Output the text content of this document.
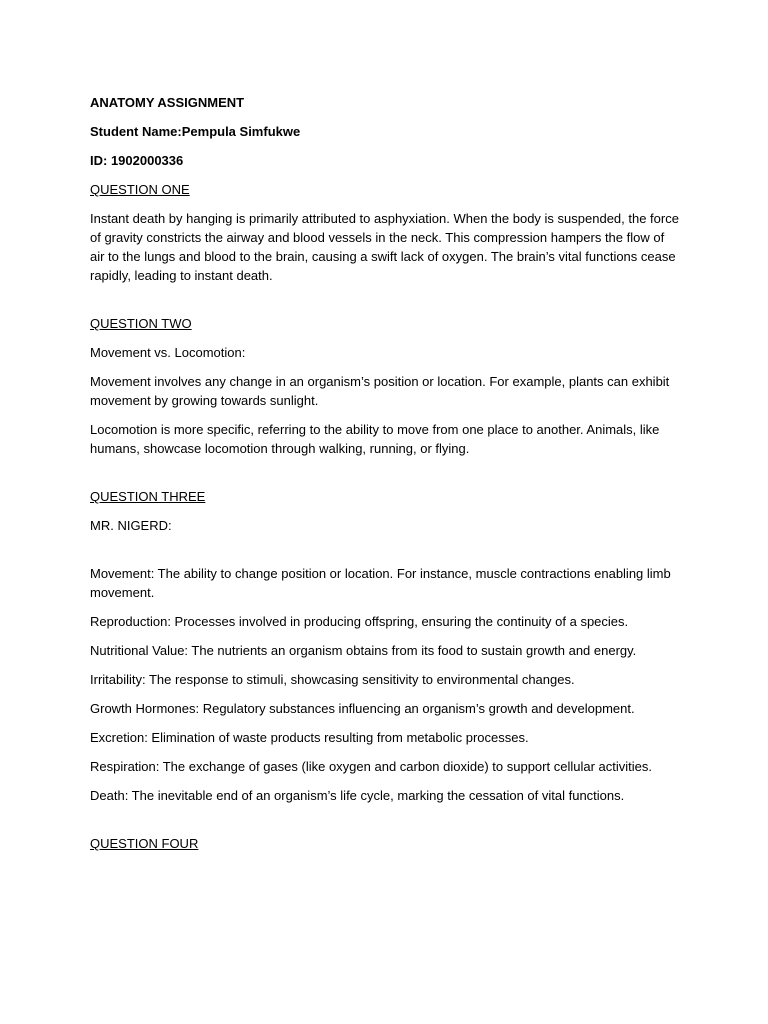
ANATOMY ASSIGNMENT

Student Name:Pempula Simfukwe

ID: 1902000336

QUESTION ONE

Instant death by hanging is primarily attributed to asphyxiation. When the body is suspended, the force of gravity constricts the airway and blood vessels in the neck. This compression hampers the flow of air to the lungs and blood to the brain, causing a swift lack of oxygen. The brain’s vital functions cease rapidly, leading to instant death.

QUESTION TWO

Movement vs. Locomotion:

Movement involves any change in an organism’s position or location. For example, plants can exhibit movement by growing towards sunlight.

Locomotion is more specific, referring to the ability to move from one place to another. Animals, like humans, showcase locomotion through walking, running, or flying.

QUESTION THREE

MR. NIGERD:

Movement: The ability to change position or location. For instance, muscle contractions enabling limb movement.

Reproduction: Processes involved in producing offspring, ensuring the continuity of a species.

Nutritional Value: The nutrients an organism obtains from its food to sustain growth and energy.

Irritability: The response to stimuli, showcasing sensitivity to environmental changes.

Growth Hormones: Regulatory substances influencing an organism’s growth and development.

Excretion: Elimination of waste products resulting from metabolic processes.

Respiration: The exchange of gases (like oxygen and carbon dioxide) to support cellular activities.

Death: The inevitable end of an organism’s life cycle, marking the cessation of vital functions.

QUESTION FOUR
